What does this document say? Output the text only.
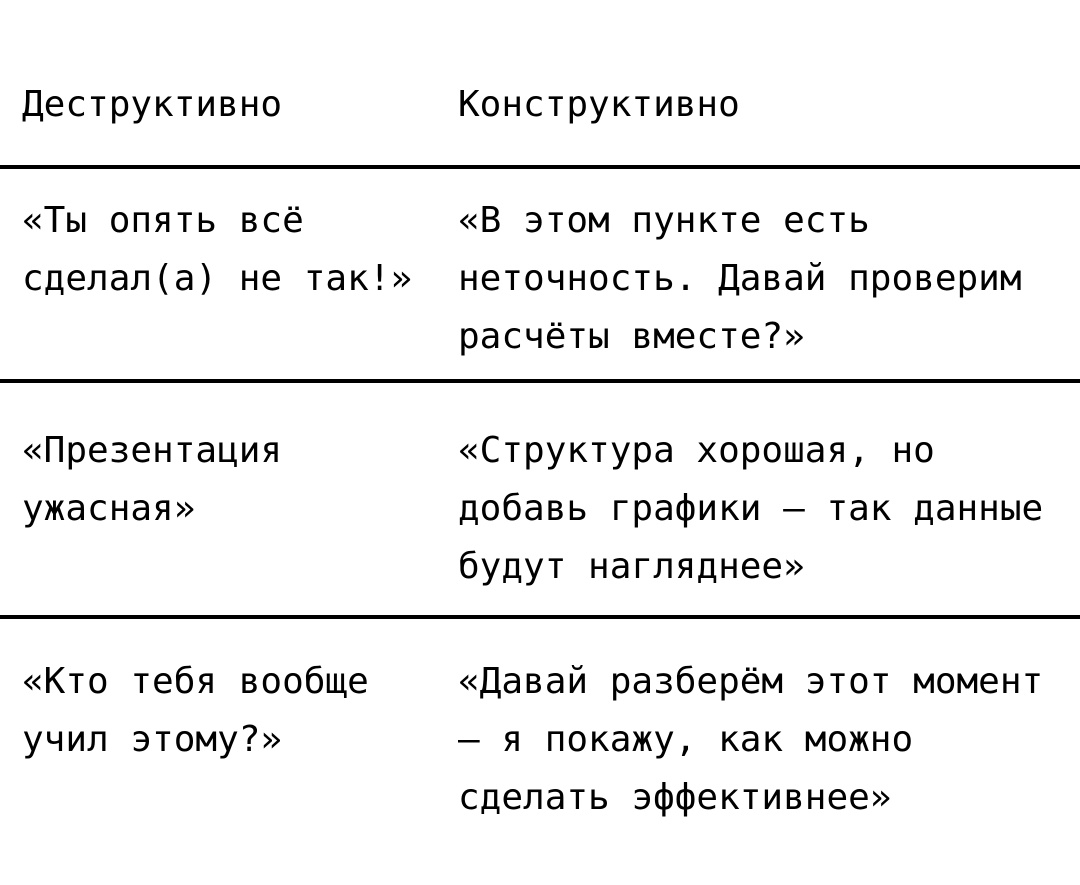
Деструктивно	Конструктивно
«Ты опять всё
сделал(а) не так!»
«В этом пункте есть
неточность. Давай проверим
расчёты вместе?»
«Презентация
ужасная»
«Структура хорошая, но
добавь графики — так данные
будут нагляднее»
«Кто тебя вообще
учил этому?»
«Давай разберём этот момент
— я покажу, как можно
сделать эффективнее»
